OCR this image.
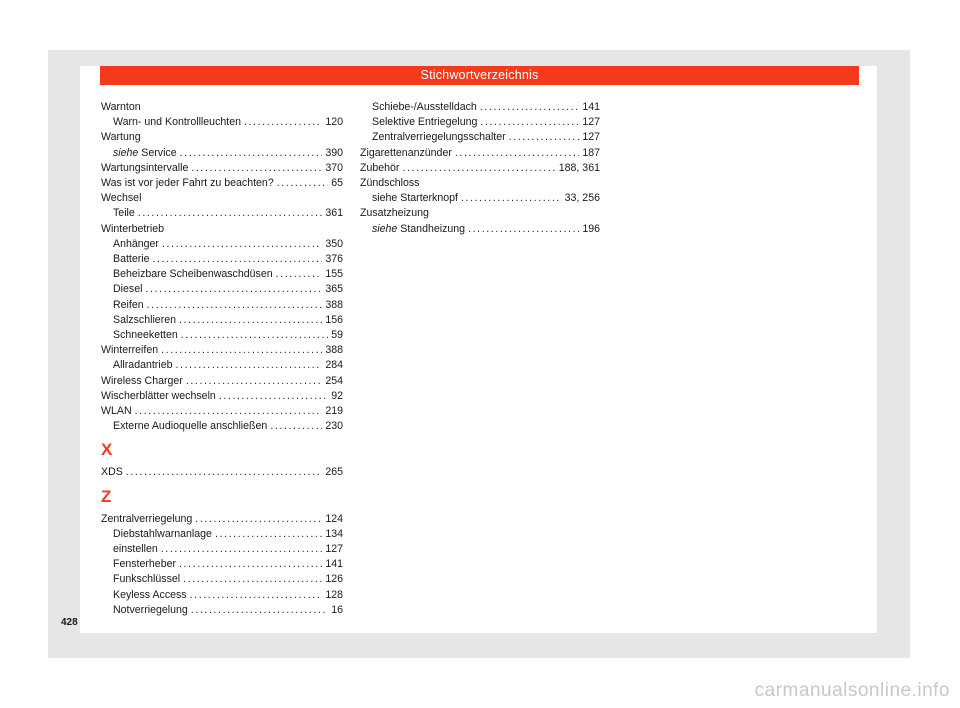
Stichwortverzeichnis
Warnton
Warn- und Kontrollleuchten .....	120
Wartung
siehe Service .....	390
Wartungsintervalle .....	370
Was ist vor jeder Fahrt zu beachten? .....	65
Wechsel
Teile .....	361
Winterbetrieb
Anhänger .....	350
Batterie .....	376
Beheizbare Scheibenwaschdüsen .....	155
Diesel .....	365
Reifen .....	388
Salzschlieren .....	156
Schneeketten .....	59
Winterreifen .....	388
Allradantrieb .....	284
Wireless Charger .....	254
Wischerblätter wechseln .....	92
WLAN .....	219
Externe Audioquelle anschließen .....	230
X
XDS .....	265
Z
Zentralverriegelung .....	124
Diebstahlwarnanlage .....	134
einstellen .....	127
Fensterheber .....	141
Funkschlüssel .....	126
Keyless Access .....	128
Notverriegelung .....	16
Schiebe-/Ausstelldach .....	141
Selektive Entriegelung .....	127
Zentralverriegelungsschalter .....	127
Zigarettenanzünder .....	187
Zubehör .....	188, 361
Zündschloss
siehe Starterknopf .....	33, 256
Zusatzheizung
siehe Standheizung .....	196
428
carmanualsonline.info
